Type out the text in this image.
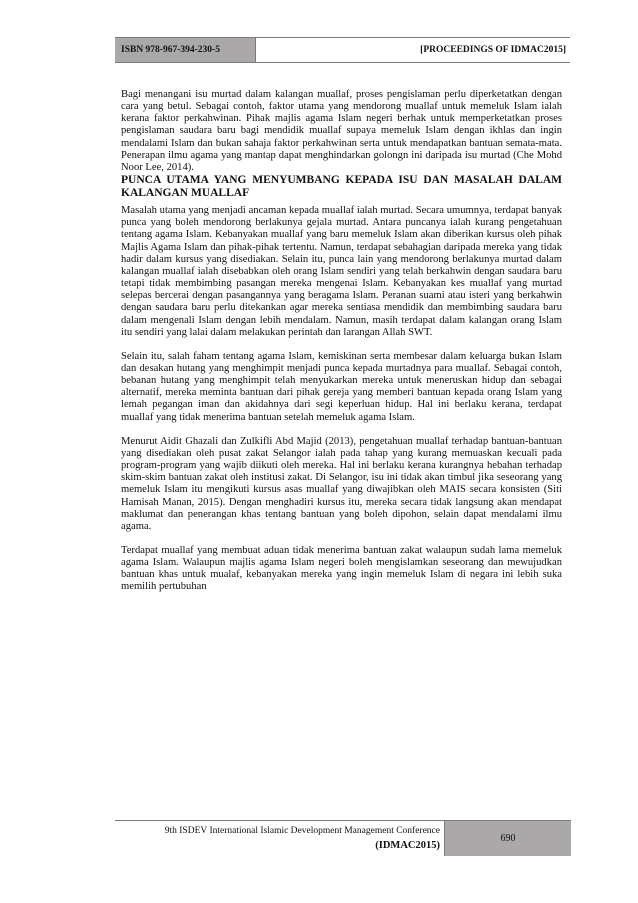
ISBN 978-967-394-230-5	[PROCEEDINGS OF IDMAC2015]

Bagi menangani isu murtad dalam kalangan muallaf, proses pengislaman perlu diperketatkan dengan cara yang betul. Sebagai contoh, faktor utama yang mendorong muallaf untuk memeluk Islam ialah kerana faktor perkahwinan. Pihak majlis agama Islam negeri berhak untuk memperketatkan proses pengislaman saudara baru bagi mendidik muallaf supaya memeluk Islam dengan ikhlas dan ingin mendalami Islam dan bukan sahaja faktor perkahwinan serta untuk mendapatkan bantuan semata-mata. Penerapan ilmu agama yang mantap dapat menghindarkan golongn ini daripada isu murtad (Che Mohd Noor Lee, 2014).

PUNCA UTAMA YANG MENYUMBANG KEPADA ISU DAN MASALAH DALAM KALANGAN MUALLAF

Masalah utama yang menjadi ancaman kepada muallaf ialah murtad. Secara umumnya, terdapat banyak punca yang boleh mendorong berlakunya gejala murtad. Antara puncanya ialah kurang pengetahuan tentang agama Islam. Kebanyakan muallaf yang baru memeluk Islam akan diberikan kursus oleh pihak Majlis Agama Islam dan pihak-pihak tertentu. Namun, terdapat sebahagian daripada mereka yang tidak hadir dalam kursus yang disediakan. Selain itu, punca lain yang mendorong berlakunya murtad dalam kalangan muallaf ialah disebabkan oleh orang Islam sendiri yang telah berkahwin dengan saudara baru tetapi tidak membimbing pasangan mereka mengenai Islam. Kebanyakan kes muallaf yang murtad selepas bercerai dengan pasangannya yang beragama Islam. Peranan suami atau isteri yang berkahwin dengan saudara baru perlu ditekankan agar mereka sentiasa mendidik dan membimbing saudara baru dalam mengenali Islam dengan lebih mendalam. Namun, masih terdapat dalam kalangan orang Islam itu sendiri yang lalai dalam melakukan perintah dan larangan Allah SWT.

Selain itu, salah faham tentang agama Islam, kemiskinan serta membesar dalam keluarga bukan Islam dan desakan hutang yang menghimpit menjadi punca kepada murtadnya para muallaf. Sebagai contoh, bebanan hutang yang menghimpit telah menyukarkan mereka untuk meneruskan hidup dan sebagai alternatif, mereka meminta bantuan dari pihak gereja yang memberi bantuan kepada orang Islam yang lemah pegangan iman dan akidahnya dari segi keperluan hidup. Hal ini berlaku kerana, terdapat muallaf yang tidak menerima bantuan setelah memeluk agama Islam.

Menurut Aidit Ghazali dan Zulkifli Abd Majid (2013), pengetahuan muallaf terhadap bantuan-bantuan yang disediakan oleh pusat zakat Selangor ialah pada tahap yang kurang memuaskan kecuali pada program-program yang wajib diikuti oleh mereka. Hal ini berlaku kerana kurangnya hebahan terhadap skim-skim bantuan zakat oleh institusi zakat. Di Selangor, isu ini tidak akan timbul jika seseorang yang memeluk Islam itu mengikuti kursus asas muallaf yang diwajibkan oleh MAIS secara konsisten (Siti Hamisah Manan, 2015). Dengan menghadiri kursus itu, mereka secara tidak langsung akan mendapat maklumat dan penerangan khas tentang bantuan yang boleh dipohon, selain dapat mendalami ilmu agama.

Terdapat muallaf yang membuat aduan tidak menerima bantuan zakat walaupun sudah lama memeluk agama Islam. Walaupun majlis agama Islam negeri boleh mengislamkan seseorang dan mewujudkan bantuan khas untuk mualaf, kebanyakan mereka yang ingin memeluk Islam di negara ini lebih suka memilih pertubuhan

9th ISDEV International Islamic Development Management Conference
(IDMAC2015)
690
